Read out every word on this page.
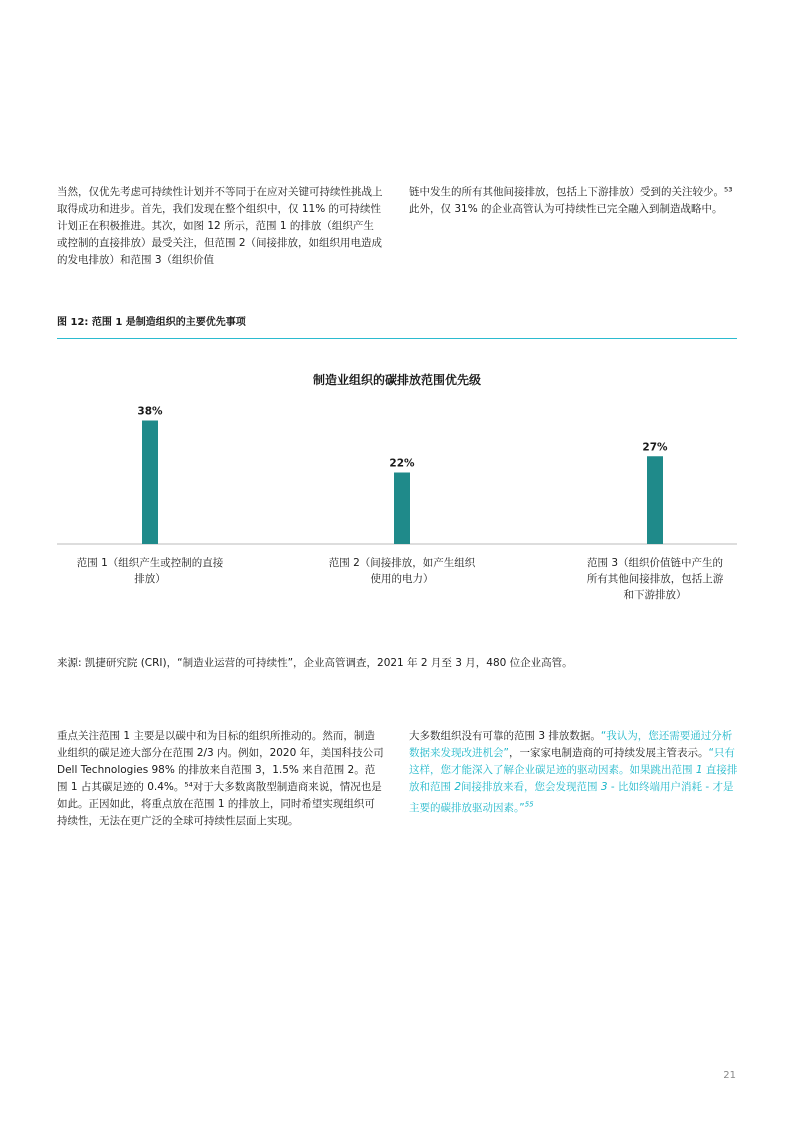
当然，仅优先考虑可持续性计划并不等同于在应对关键可持续性挑战上取得成功和进步。首先，我们发现在整个组织中，仅 11% 的可持续性计划正在积极推进。其次，如图 12 所示，范围 1 的排放（组织产生或控制的直接排放）最受关注，但范围 2（间接排放，如组织用电造成的发电排放）和范围 3（组织价值

链中发生的所有其他间接排放，包括上下游排放）受到的关注较少。⁵³此外，仅 31% 的企业高管认为可持续性已完全融入到制造战略中。

图 12: 范围 1 是制造组织的主要优先事项
制造业组织的碳排放范围优先级
38%
范围 1（组织产生或控制的直接排放）
22%
范围 2（间接排放，如产生组织使用的电力）
27%
范围 3（组织价值链中产生的所有其他间接排放，包括上游和下游排放）
来源: 凯捷研究院 (CRI)，“制造业运营的可持续性”，企业高管调查，2021 年 2 月至 3 月，480 位企业高管。

重点关注范围 1 主要是以碳中和为目标的组织所推动的。然而，制造业组织的碳足迹大部分在范围 2/3 内。例如，2020 年，美国科技公司 Dell Technologies 98% 的排放来自范围 3，1.5% 来自范围 2。范围 1 占其碳足迹的 0.4%。⁵⁴对于大多数离散型制造商来说，情况也是如此。正因如此，将重点放在范围 1 的排放上，同时希望实现组织可持续性，无法在更广泛的全球可持续性层面上实现。

大多数组织没有可靠的范围 3 排放数据。“我认为，您还需要通过分析数据来发现改进机会”，一家家电制造商的可持续发展主管表示。“只有这样，您才能深入了解企业碳足迹的驱动因素。如果跳出范围 1 直接排放和范围 2间接排放来看，您会发现范围 3 - 比如终端用户消耗 - 才是主要的碳排放驱动因素。”$^{55}$

21
